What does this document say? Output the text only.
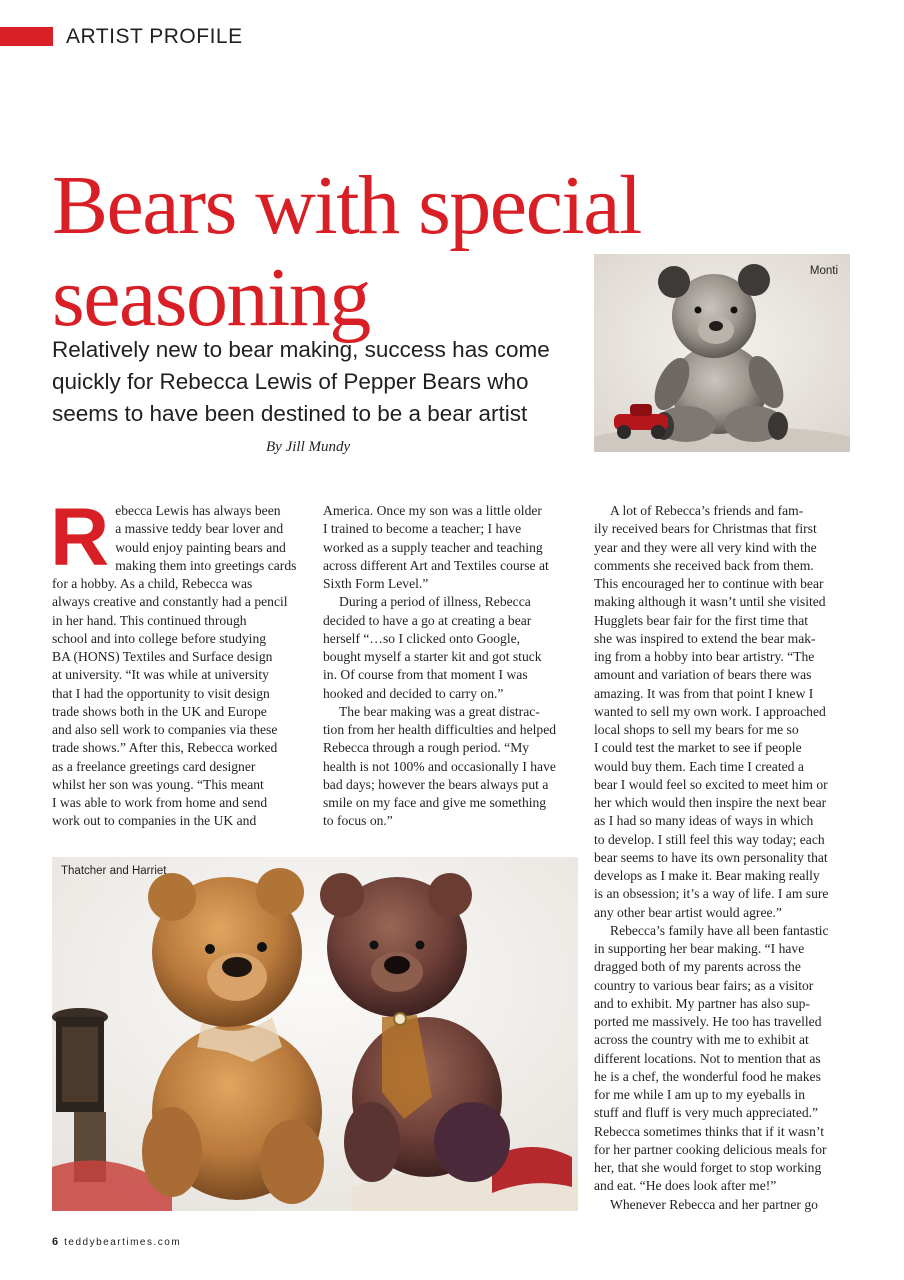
ARTIST PROFILE
Bears with special
seasoning
Relatively new to bear making, success has come
quickly for Rebecca Lewis of Pepper Bears who
seems to have been destined to be a bear artist
By Jill Mundy
Monti

R ebecca Lewis has always been
a massive teddy bear lover and
would enjoy painting bears and
making them into greetings cards
for a hobby. As a child, Rebecca was
always creative and constantly had a pencil
in her hand. This continued through
school and into college before studying
BA (HONS) Textiles and Surface design
at university. “It was while at university
that I had the opportunity to visit design
trade shows both in the UK and Europe
and also sell work to companies via these
trade shows.” After this, Rebecca worked
as a freelance greetings card designer
whilst her son was young. “This meant
I was able to work from home and send
work out to companies in the UK and

America. Once my son was a little older
I trained to become a teacher; I have
worked as a supply teacher and teaching
across different Art and Textiles course at
Sixth Form Level.”

During a period of illness, Rebecca
decided to have a go at creating a bear
herself “…so I clicked onto Google,
bought myself a starter kit and got stuck
in. Of course from that moment I was
hooked and decided to carry on.”

The bear making was a great distrac-
tion from her health difficulties and helped
Rebecca through a rough period. “My
health is not 100% and occasionally I have
bad days; however the bears always put a
smile on my face and give me something
to focus on.”

A lot of Rebecca’s friends and fam-
ily received bears for Christmas that first
year and they were all very kind with the
comments she received back from them.
This encouraged her to continue with bear
making although it wasn’t until she visited
Hugglets bear fair for the first time that
she was inspired to extend the bear mak-
ing from a hobby into bear artistry. “The
amount and variation of bears there was
amazing. It was from that point I knew I
wanted to sell my own work. I approached
local shops to sell my bears for me so
I could test the market to see if people
would buy them. Each time I created a
bear I would feel so excited to meet him or
her which would then inspire the next bear
as I had so many ideas of ways in which
to develop. I still feel this way today; each
bear seems to have its own personality that
develops as I make it. Bear making really
is an obsession; it’s a way of life. I am sure
any other bear artist would agree.”

Rebecca’s family have all been fantastic
in supporting her bear making. “I have
dragged both of my parents across the
country to various bear fairs; as a visitor
and to exhibit. My partner has also sup-
ported me massively. He too has travelled
across the country with me to exhibit at
different locations. Not to mention that as
he is a chef, the wonderful food he makes
for me while I am up to my eyeballs in
stuff and fluff is very much appreciated.”
Rebecca sometimes thinks that if it wasn’t
for her partner cooking delicious meals for
her, that she would forget to stop working
and eat. “He does look after me!”

Whenever Rebecca and her partner go

Thatcher and Harriet
6 teddybeartimes.com
